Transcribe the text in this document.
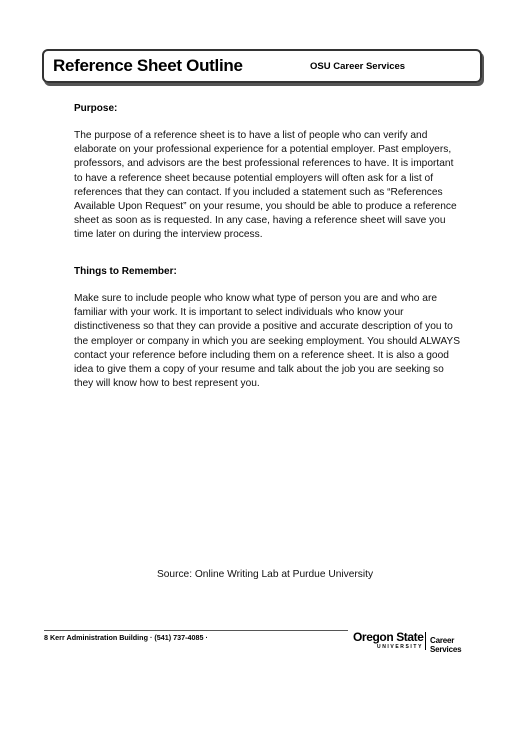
Reference Sheet Outline	OSU Career Services
Purpose:

The purpose of a reference sheet is to have a list of people who can verify and elaborate on your professional experience for a potential employer. Past employers, professors, and advisors are the best professional references to have. It is important to have a reference sheet because potential employers will often ask for a list of references that they can contact. If you included a statement such as “References Available Upon Request” on your resume, you should be able to produce a reference sheet as soon as is requested. In any case, having a reference sheet will save you time later on during the interview process.

Things to Remember:

Make sure to include people who know what type of person you are and who are familiar with your work. It is important to select individuals who know your distinctiveness so that they can provide a positive and accurate description of you to the employer or company in which you are seeking employment. You should ALWAYS contact your reference before including them on a reference sheet. It is also a good idea to give them a copy of your resume and talk about the job you are seeking so they will know how to best represent you.

Source: Online Writing Lab at Purdue University
8 Kerr Administration Building · (541) 737-4085 ·	Oregon State
UNIVERSITY
Career Services
